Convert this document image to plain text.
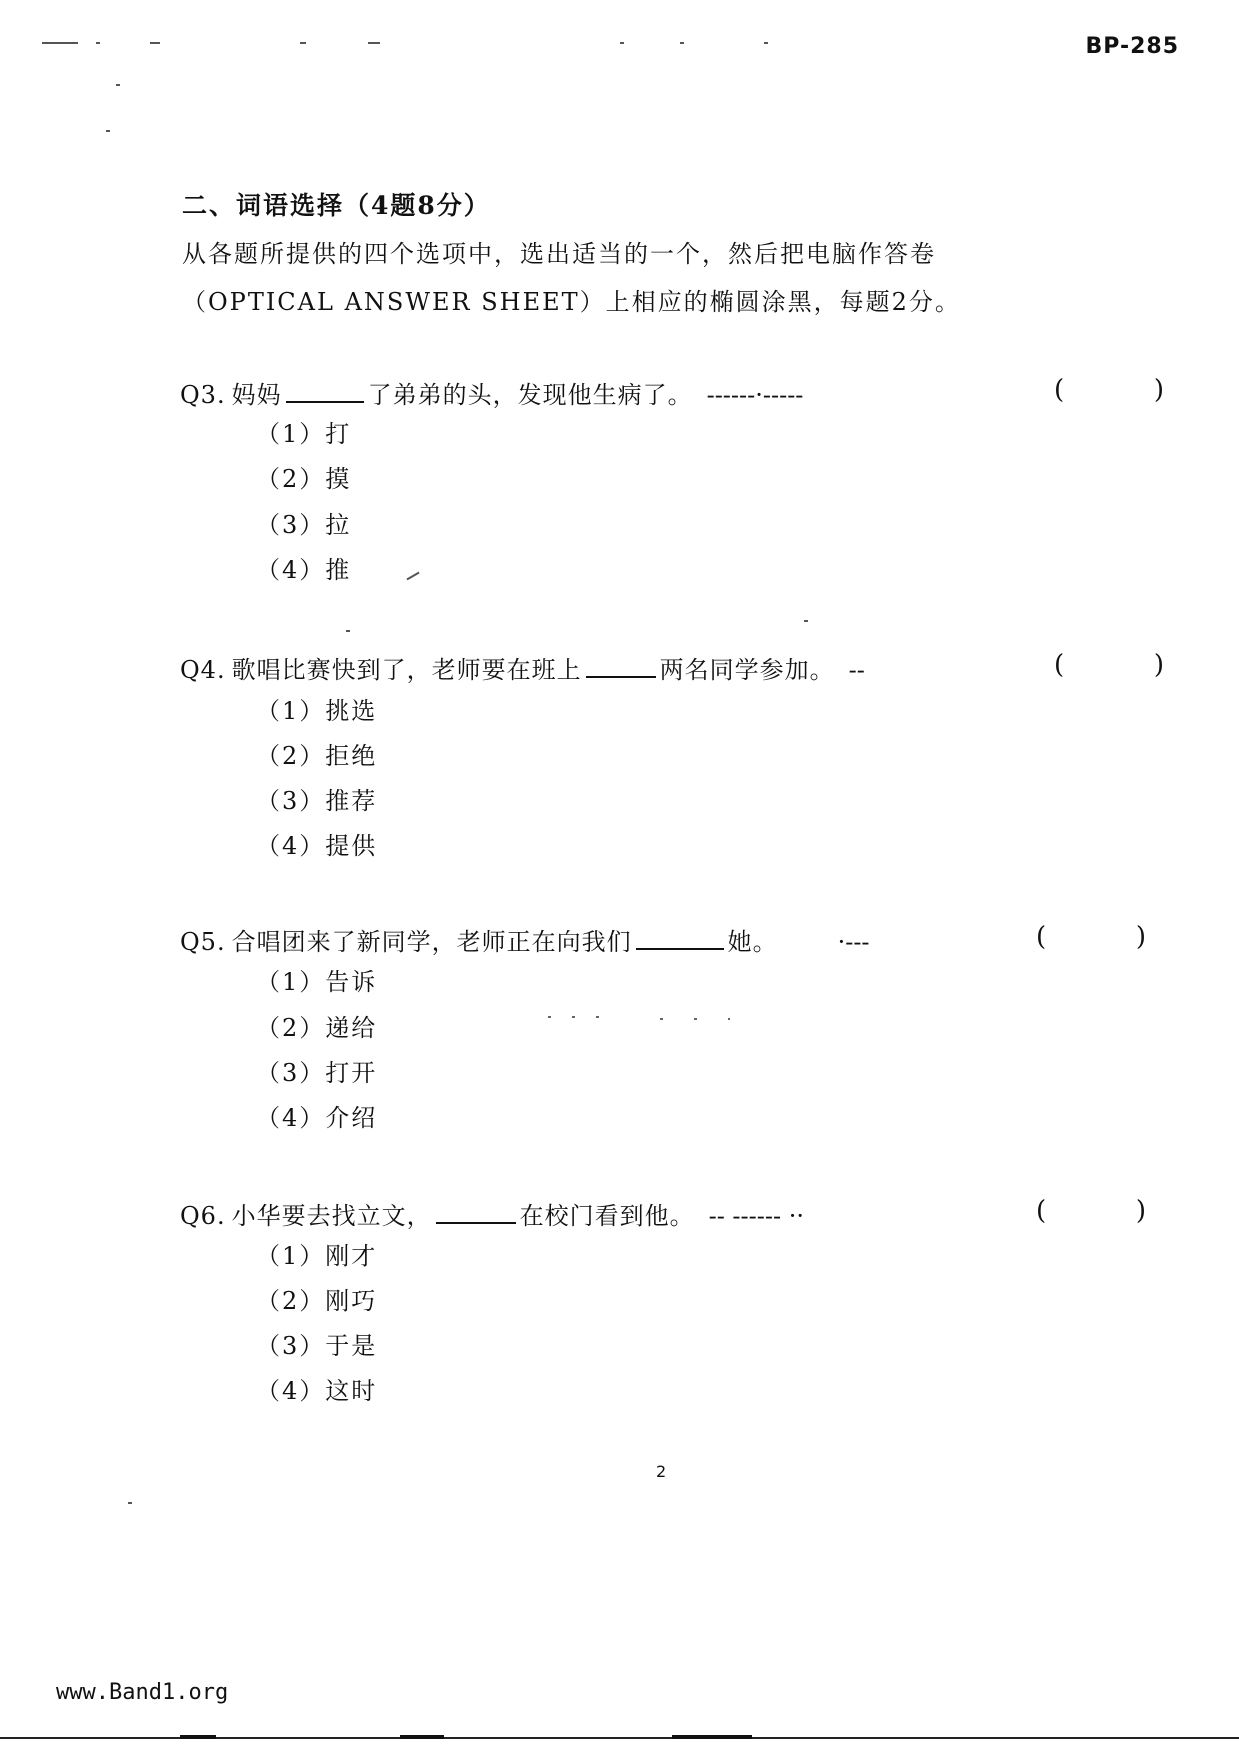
BP-285
二、词语选择（4题8分）
从各题所提供的四个选项中，选出适当的一个，然后把电脑作答卷
（OPTICAL ANSWER SHEET）上相应的椭圆涂黑，每题2分。
Q3. 妈妈	了弟弟的头，发现他生病了。 ------·-----	(	)
（1）打
（2）摸
（3）拉
（4）推
Q4. 歌唱比赛快到了，老师要在班上	两名同学参加。 --	(	)
（1）挑选
（2）拒绝
（3）推荐
（4）提供
Q5. 合唱团来了新同学，老师正在向我们	她。	·---	(	)
（1）告诉
（2）递给
（3）打开
（4）介绍
Q6. 小华要去找立文，	在校门看到他。 -- ------ ··	(	)
（1）刚才
（2）刚巧
（3）于是
（4）这时
2
www.Band1.org
